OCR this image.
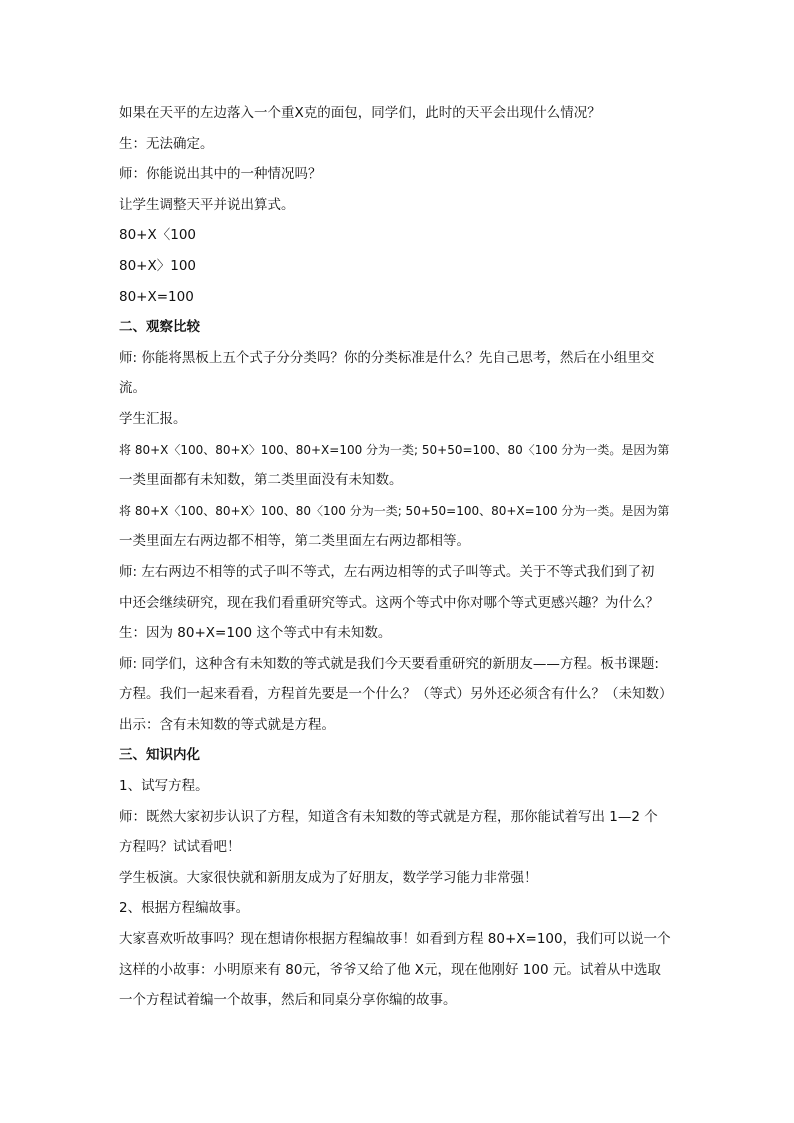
如果在天平的左边落入一个重X克的面包，同学们，此时的天平会出现什么情况？

生：无法确定。

师：你能说出其中的一种情况吗？

让学生调整天平并说出算式。

80+X〈100

80+X〉100

80+X=100

二、观察比较

师: 你能将黑板上五个式子分分类吗？你的分类标准是什么？先自己思考，然后在小组里交

流。

学生汇报。

将 80+X〈100、80+X〉100、80+X=100 分为一类; 50+50=100、80〈100 分为一类。是因为第

一类里面都有未知数，第二类里面没有未知数。

将 80+X〈100、80+X〉100、80〈100 分为一类; 50+50=100、80+X=100 分为一类。是因为第

一类里面左右两边都不相等，第二类里面左右两边都相等。

师: 左右两边不相等的式子叫不等式，左右两边相等的式子叫等式。关于不等式我们到了初

中还会继续研究，现在我们看重研究等式。这两个等式中你对哪个等式更感兴趣？为什么？

生：因为 80+X=100 这个等式中有未知数。

师: 同学们，这种含有未知数的等式就是我们今天要看重研究的新朋友——方程。板书课题:

方程。我们一起来看看，方程首先要是一个什么？（等式）另外还必须含有什么？（未知数）

出示：含有未知数的等式就是方程。

三、知识内化

1、试写方程。

师：既然大家初步认识了方程，知道含有未知数的等式就是方程，那你能试着写出 1—2 个

方程吗？试试看吧！

学生板演。大家很快就和新朋友成为了好朋友，数学学习能力非常强！

2、根据方程编故事。

大家喜欢听故事吗？现在想请你根据方程编故事！如看到方程 80+X=100，我们可以说一个

这样的小故事：小明原来有 80元，爷爷又给了他 X元，现在他刚好 100 元。试着从中选取

一个方程试着编一个故事，然后和同桌分享你编的故事。
